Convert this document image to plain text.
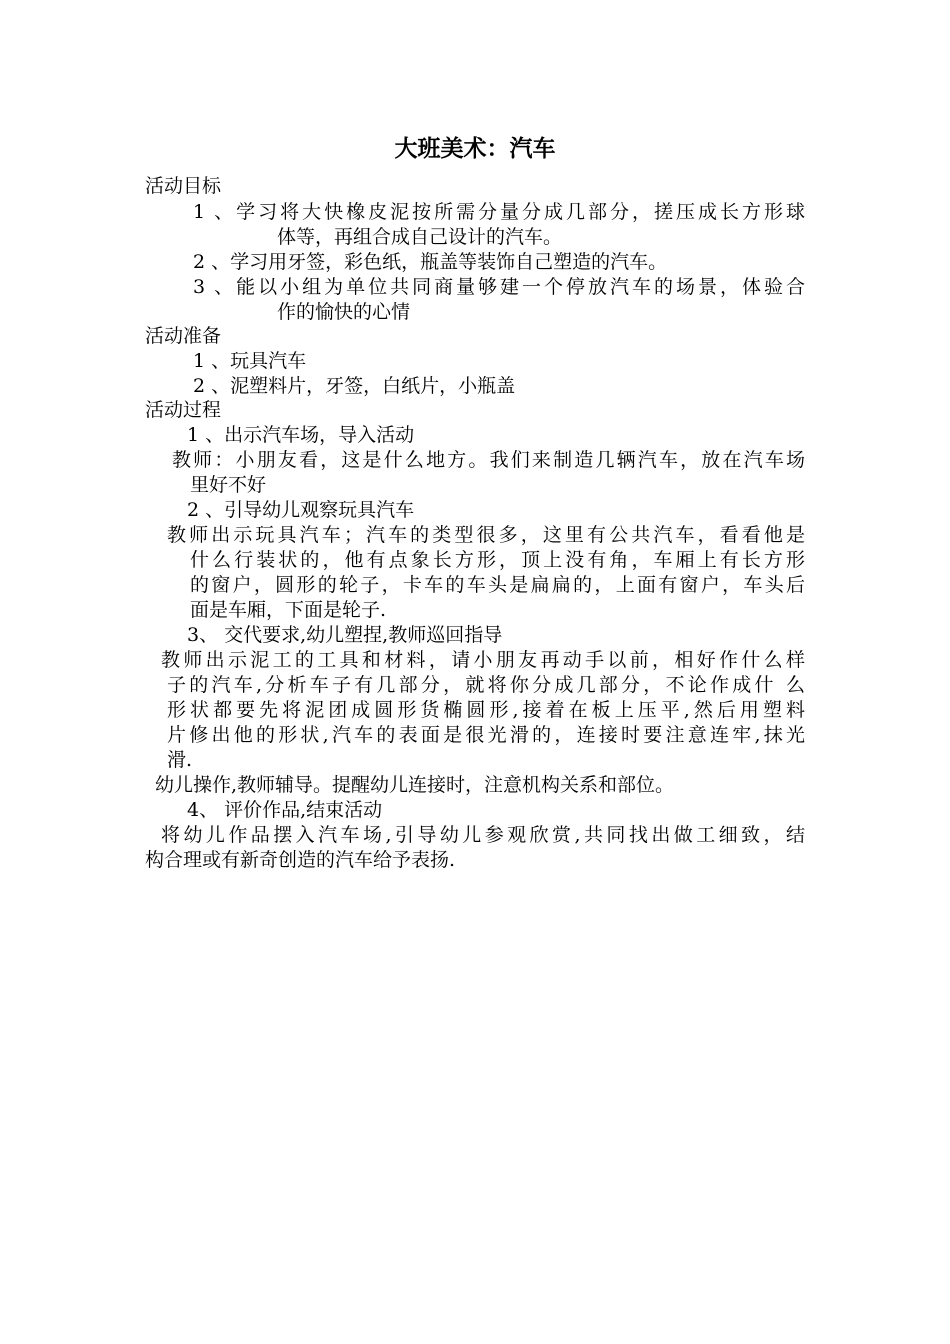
大班美术：汽车
活动目标
1 、学习将大快橡皮泥按所需分量分成几部分，搓压成长方形球
体等，再组合成自己设计的汽车。
2 、学习用牙签，彩色纸，瓶盖等装饰自己塑造的汽车。
3 、能以小组为单位共同商量够建一个停放汽车的场景，体验合
作的愉快的心情
活动准备
1 、玩具汽车
2 、泥塑料片，牙签，白纸片，小瓶盖
活动过程
1 、出示汽车场，导入活动
教师：小朋友看，这是什么地方。我们来制造几辆汽车，放在汽车场
里好不好
2 、引导幼儿观察玩具汽车
教师出示玩具汽车；汽车的类型很多，这里有公共汽车，看看他是
什么行装状的，他有点象长方形，顶上没有角，车厢上有长方形
的窗户，圆形的轮子，卡车的车头是扁扁的，上面有窗户，车头后
面是车厢，下面是轮子.
3、 交代要求,幼儿塑捏,教师巡回指导
教师出示泥工的工具和材料，请小朋友再动手以前，相好作什么样
子的汽车,分析车子有几部分，就将你分成几部分，不论作成什 么
形状都要先将泥团成圆形货椭圆形,接着在板上压平,然后用塑料
片修出他的形状,汽车的表面是很光滑的，连接时要注意连牢,抹光
滑.
幼儿操作,教师辅导。提醒幼儿连接时，注意机构关系和部位。
4、 评价作品,结束活动
将幼儿作品摆入汽车场,引导幼儿参观欣赏,共同找出做工细致，结
构合理或有新奇创造的汽车给予表扬.
